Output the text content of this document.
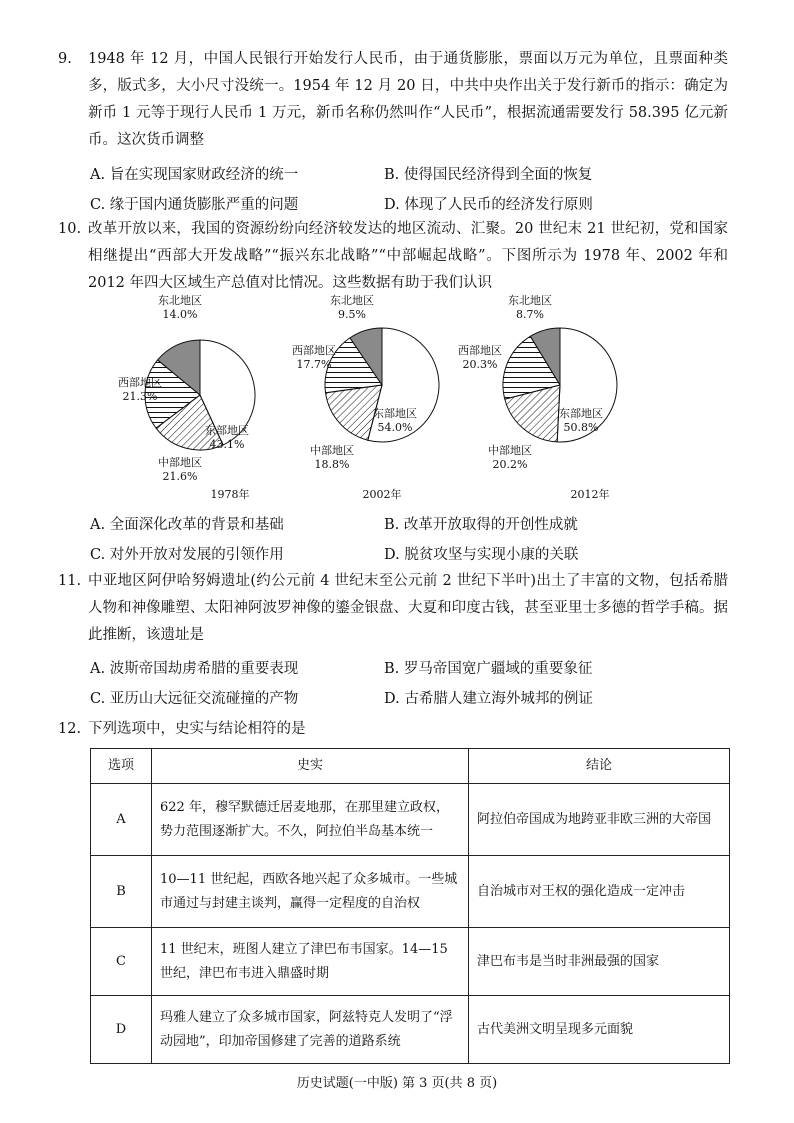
9. 1948 年 12 月，中国人民银行开始发行人民币，由于通货膨胀，票面以万元为单位，且票面种类多，版式多，大小尺寸没统一。1954 年 12 月 20 日，中共中央作出关于发行新币的指示：确定为新币 1 元等于现行人民币 1 万元，新币名称仍然叫作“人民币”，根据流通需要发行 58.395 亿元新币。这次货币调整

A. 旨在实现国家财政经济的统一	B. 使得国民经济得到全面的恢复
C. 缘于国内通货膨胀严重的问题	D. 体现了人民币的经济发行原则
10. 改革开放以来，我国的资源纷纷向经济较发达的地区流动、汇聚。20 世纪末 21 世纪初，党和国家相继提出“西部大开发战略”“振兴东北战略”“中部崛起战略”。下图所示为 1978 年、2002 年和 2012 年四大区域生产总值对比情况。这些数据有助于我们认识

东部地区
43.1%
中部地区
21.6%
西部地区
21.3%
东北地区
14.0%
1978年
东部地区
54.0%
中部地区
18.8%
西部地区
17.7%
东北地区
9.5%
2002年
东部地区
50.8%
中部地区
20.2%
西部地区
20.3%
东北地区
8.7%
2012年
A. 全面深化改革的背景和基础	B. 改革开放取得的开创性成就
C. 对外开放对发展的引领作用	D. 脱贫攻坚与实现小康的关联
11. 中亚地区阿伊哈努姆遗址(约公元前 4 世纪末至公元前 2 世纪下半叶)出土了丰富的文物，包括希腊人物和神像雕塑、太阳神阿波罗神像的鎏金银盘、大夏和印度古钱，甚至亚里士多德的哲学手稿。据此推断，该遗址是

A. 波斯帝国劫虏希腊的重要表现	B. 罗马帝国宽广疆域的重要象征
C. 亚历山大远征交流碰撞的产物	D. 古希腊人建立海外城邦的例证
12. 下列选项中，史实与结论相符的是

选项	史实	结论
A	622 年，穆罕默德迁居麦地那，在那里建立政权，势力范围逐渐扩大。不久，阿拉伯半岛基本统一	阿拉伯帝国成为地跨亚非欧三洲的大帝国
B	10—11 世纪起，西欧各地兴起了众多城市。一些城市通过与封建主谈判，赢得一定程度的自治权	自治城市对王权的强化造成一定冲击
C	11 世纪末，班图人建立了津巴布韦国家。14—15 世纪，津巴布韦进入鼎盛时期	津巴布韦是当时非洲最强的国家
D	玛雅人建立了众多城市国家，阿兹特克人发明了“浮动园地”，印加帝国修建了完善的道路系统	古代美洲文明呈现多元面貌
历史试题(一中版) 第 3 页(共 8 页)
